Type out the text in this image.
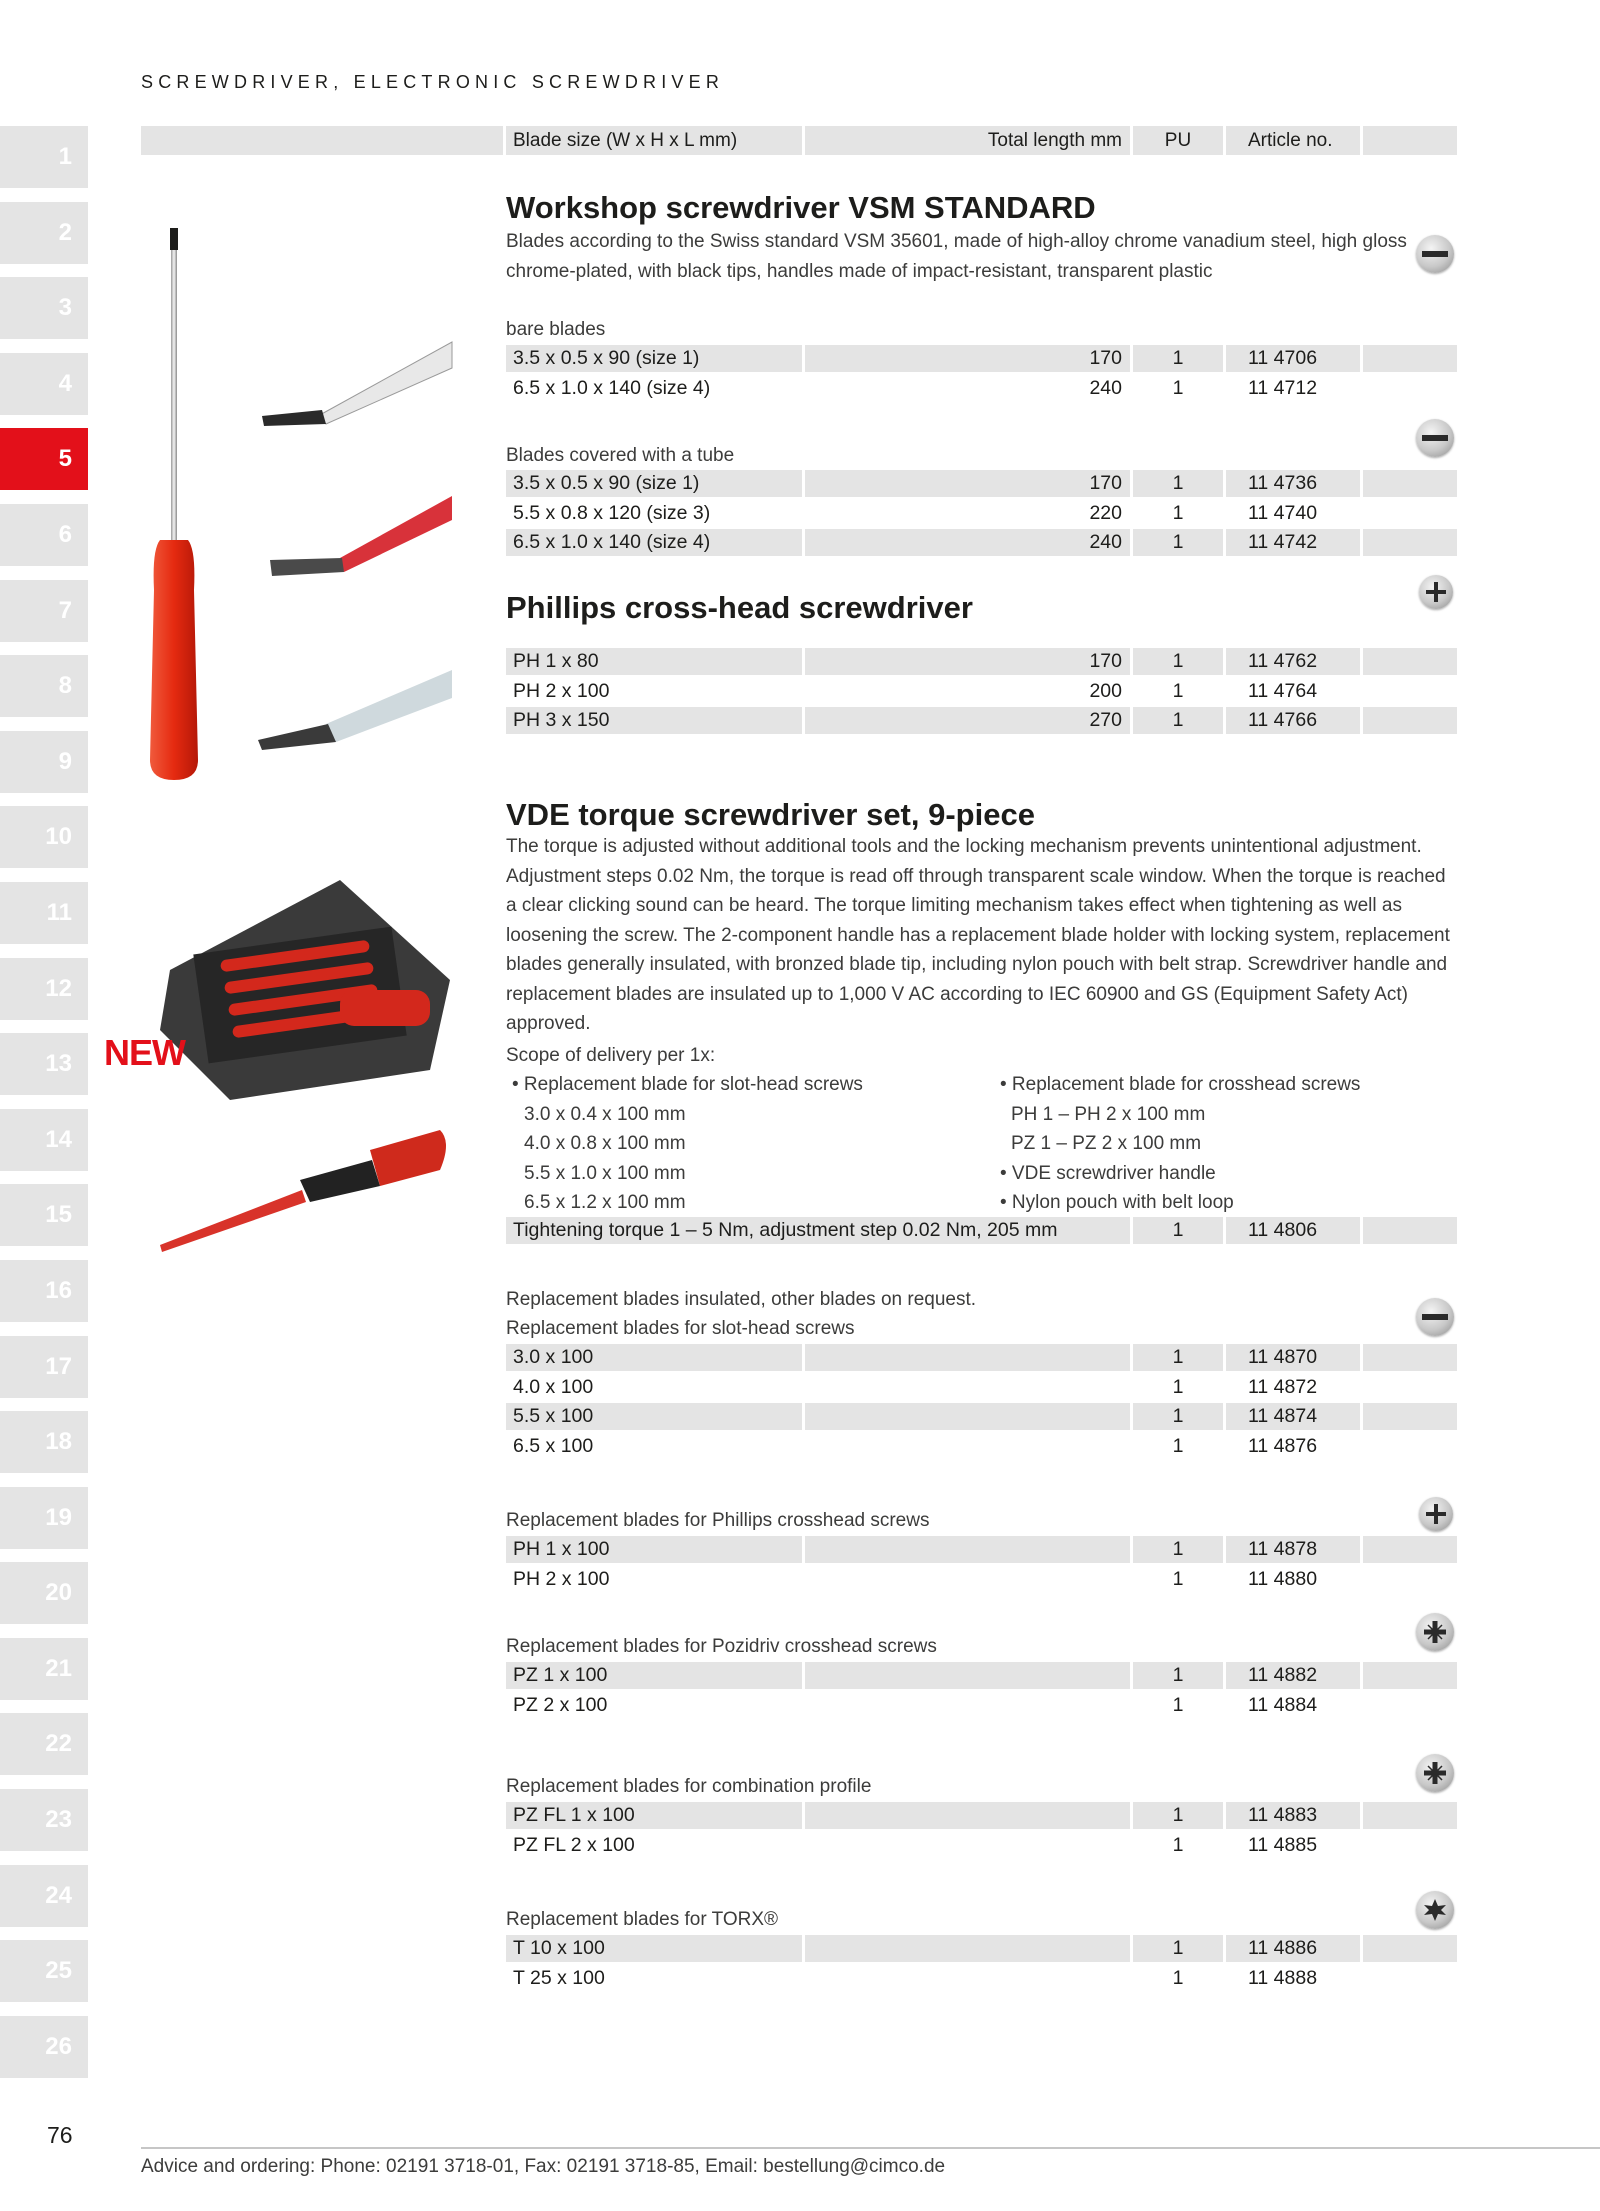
SCREWDRIVER, ELECTRONIC SCREWDRIVER
1
2
3
4
5
6
7
8
9
10
11
12
13
14
15
16
17
18
19
20
21
22
23
24
25
26
Blade size (W x H x L mm)	Total length mm	PU	Article no.
NEW
Workshop screwdriver VSM STANDARD
Blades according to the Swiss standard VSM 35601, made of high-alloy chrome vanadium steel, high gloss chrome-plated, with black tips, handles made of impact-resistant, transparent plastic
bare blades
3.5 x 0.5 x 90 (size 1)	170	1	11 4706
6.5 x 1.0 x 140 (size 4)	240	1	11 4712
Blades covered with a tube
3.5 x 0.5 x 90 (size 1)	170	1	11 4736
5.5 x 0.8 x 120 (size 3)	220	1	11 4740
6.5 x 1.0 x 140 (size 4)	240	1	11 4742
Phillips cross-head screwdriver
PH 1 x 80	170	1	11 4762
PH 2 x 100	200	1	11 4764
PH 3 x 150	270	1	11 4766
VDE torque screwdriver set, 9-piece
The torque is adjusted without additional tools and the locking mechanism prevents unintentional adjustment. Adjustment steps 0.02 Nm, the torque is read off through transparent scale window. When the torque is reached a clear clicking sound can be heard. The torque limiting mechanism takes effect when tightening as well as loosening the screw. The 2-component handle has a replacement blade holder with locking system, replacement blades generally insulated, with bronzed blade tip, including nylon pouch with belt strap. Screwdriver handle and replacement blades are insulated up to 1,000 V AC according to IEC 60900 and GS (Equipment Safety Act) approved.
Scope of delivery per 1x:
• Replacement blade for slot-head screws
3.0 x 0.4 x 100 mm
4.0 x 0.8 x 100 mm
5.5 x 1.0 x 100 mm
6.5 x 1.2 x 100 mm
• Replacement blade for crosshead screws
PH 1 – PH 2 x 100 mm
PZ 1 – PZ 2 x 100 mm
• VDE screwdriver handle
• Nylon pouch with belt loop
Tightening torque 1 – 5 Nm, adjustment step 0.02 Nm, 205 mm	1	11 4806
Replacement blades insulated, other blades on request.
Replacement blades for slot-head screws
3.0 x 100	1	11 4870
4.0 x 100	1	11 4872
5.5 x 100	1	11 4874
6.5 x 100	1	11 4876
Replacement blades for Phillips crosshead screws
PH 1 x 100	1	11 4878
PH 2 x 100	1	11 4880
Replacement blades for Pozidriv crosshead screws
PZ 1 x 100	1	11 4882
PZ 2 x 100	1	11 4884
Replacement blades for combination profile
PZ FL 1 x 100	1	11 4883
PZ FL 2 x 100	1	11 4885
Replacement blades for TORX®
T 10 x 100	1	11 4886
T 25 x 100	1	11 4888
76
Advice and ordering: Phone: 02191 3718-01, Fax: 02191 3718-85, Email: bestellung@cimco.de
